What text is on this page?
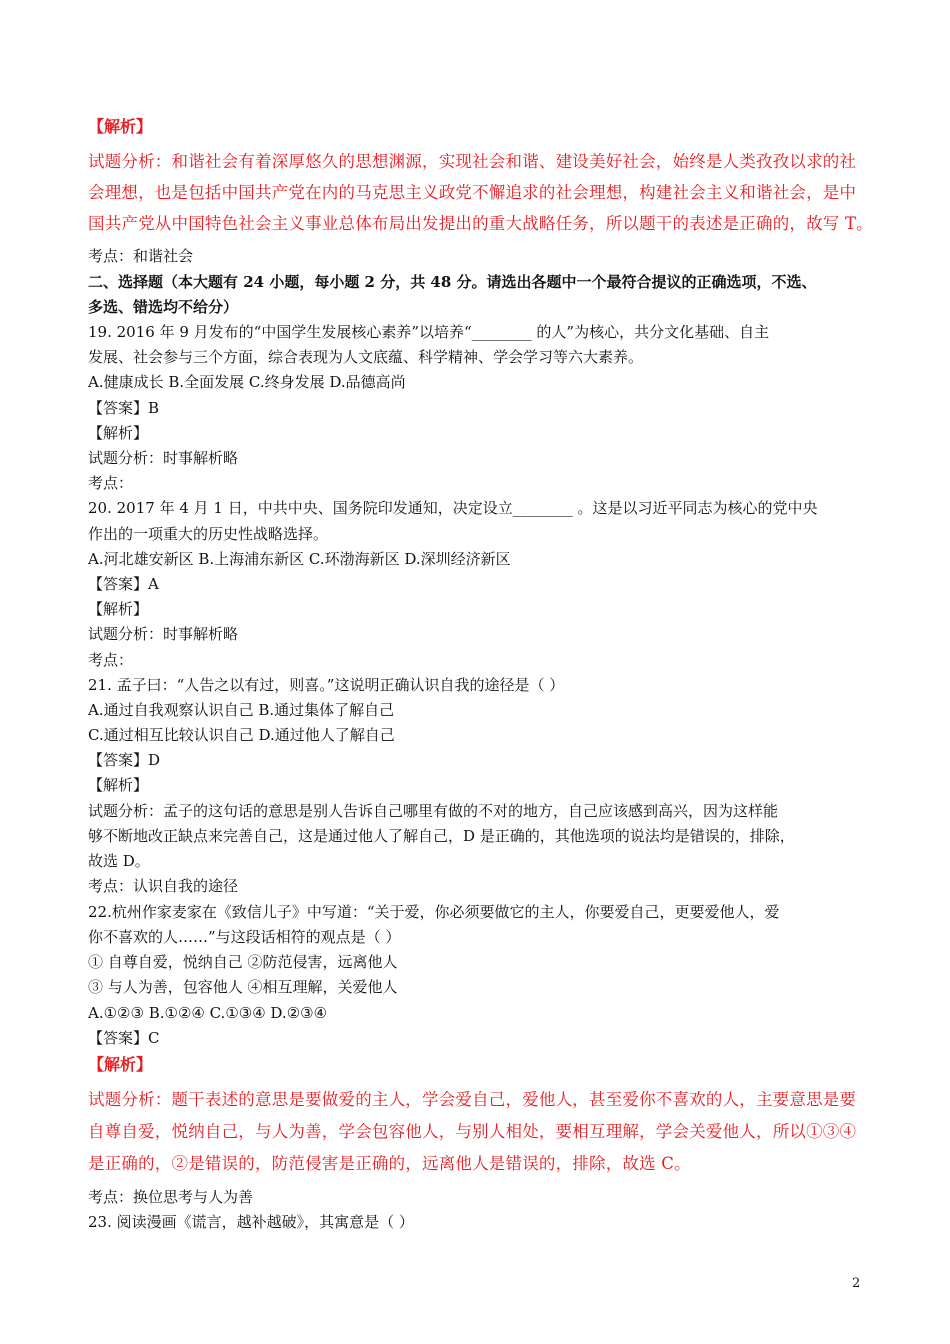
【解析】
试题分析：和谐社会有着深厚悠久的思想渊源，实现社会和谐、建设美好社会，始终是人类孜孜以求的社
会理想，也是包括中国共产党在内的马克思主义政党不懈追求的社会理想，构建社会主义和谐社会，是中
国共产党从中国特色社会主义事业总体布局出发提出的重大战略任务，所以题干的表述是正确的，故写 T。
考点：和谐社会
二、选择题（本大题有 24 小题，每小题 2 分，共 48 分。请选出各题中一个最符合提议的正确选项，不选、
多选、错选均不给分）
19. 2016 年 9 月发布的“中国学生发展核心素养”以培养“________ 的人”为核心，共分文化基础、自主
发展、社会参与三个方面，综合表现为人文底蕴、科学精神、学会学习等六大素养。
A.健康成长 B.全面发展 C.终身发展 D.品德高尚
【答案】B
【解析】
试题分析：时事解析略
考点：
20. 2017 年 4 月 1 日，中共中央、国务院印发通知，决定设立________ 。这是以习近平同志为核心的党中央
作出的一项重大的历史性战略选择。
A.河北雄安新区 B.上海浦东新区 C.环渤海新区 D.深圳经济新区
【答案】A
【解析】
试题分析：时事解析略
考点：
21. 孟子曰：“人告之以有过，则喜。”这说明正确认识自我的途径是（ ）
A.通过自我观察认识自己 B.通过集体了解自己
C.通过相互比较认识自己 D.通过他人了解自己
【答案】D
【解析】
试题分析：孟子的这句话的意思是别人告诉自己哪里有做的不对的地方，自己应该感到高兴，因为这样能
够不断地改正缺点来完善自己，这是通过他人了解自己，D 是正确的，其他选项的说法均是错误的，排除，
故选 D。
考点：认识自我的途径
22.杭州作家麦家在《致信儿子》中写道：“关于爱，你必须要做它的主人，你要爱自己，更要爱他人，爱
你不喜欢的人……”与这段话相符的观点是（ ）
① 自尊自爱，悦纳自己 ②防范侵害，远离他人
③ 与人为善，包容他人 ④相互理解，关爱他人
A.①②③ B.①②④ C.①③④ D.②③④
【答案】C
【解析】
试题分析：题干表述的意思是要做爱的主人，学会爱自己，爱他人，甚至爱你不喜欢的人，主要意思是要
自尊自爱，悦纳自己，与人为善，学会包容他人，与别人相处，要相互理解，学会关爱他人，所以①③④
是正确的，②是错误的，防范侵害是正确的，远离他人是错误的，排除，故选 C。
考点：换位思考与人为善
23. 阅读漫画《谎言，越补越破》，其寓意是（ ）
2
